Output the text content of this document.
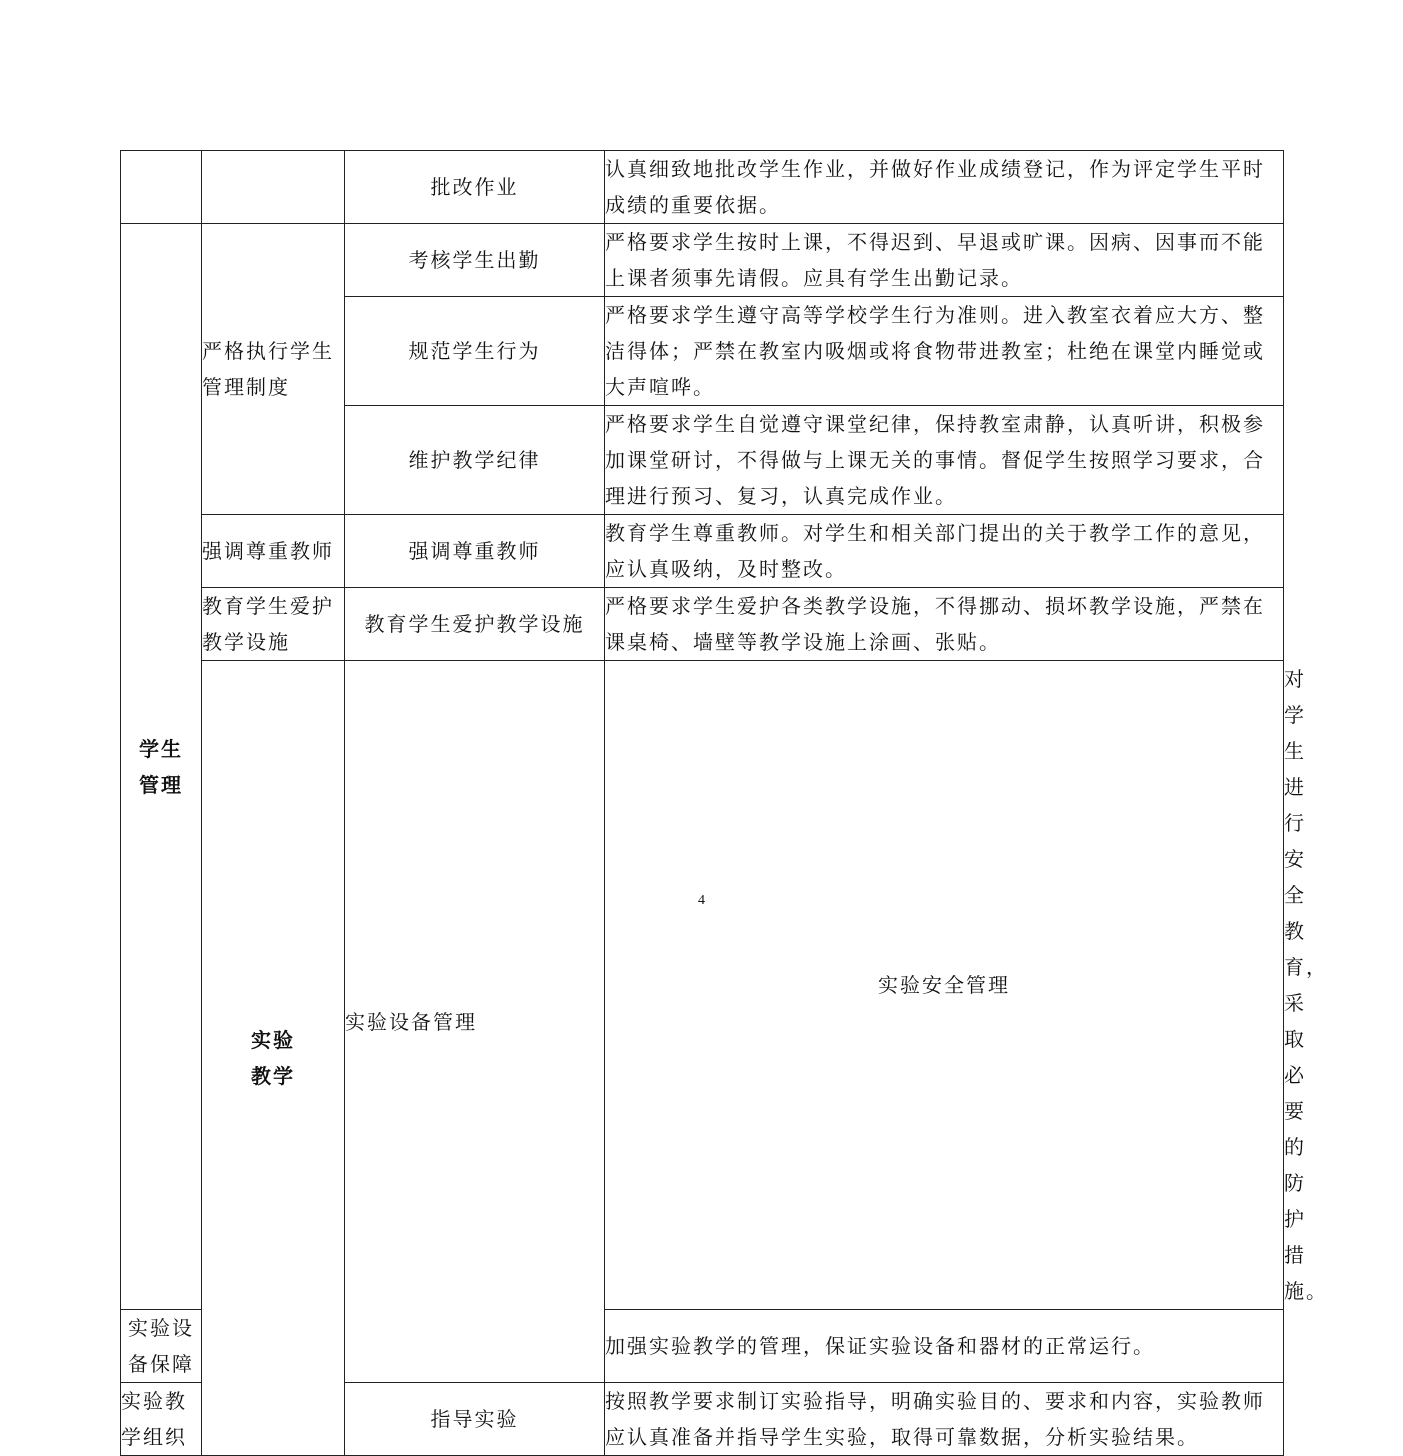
		批改作业	认真细致地批改学生作业，并做好作业成绩登记，作为评定学生平时成绩的重要依据。	

学生管理	严格执行学生管理制度	考核学生出勤	严格要求学生按时上课，不得迟到、早退或旷课。因病、因事而不能上课者须事先请假。应具有学生出勤记录。	
		规范学生行为	严格要求学生遵守高等学校学生行为准则。进入教室衣着应大方、整洁得体；严禁在教室内吸烟或将食物带进教室；杜绝在课堂内睡觉或大声喧哗。	
		维护教学纪律	严格要求学生自觉遵守课堂纪律，保持教室肃静，认真听讲，积极参加课堂研讨，不得做与上课无关的事情。督促学生按照学习要求，合理进行预习、复习，认真完成作业。	
	强调尊重教师	强调尊重教师	教育学生尊重教师。对学生和相关部门提出的关于教学工作的意见，应认真吸纳，及时整改。	
	教育学生爱护教学设施	教育学生爱护教学设施	严格要求学生爱护各类教学设施，不得挪动、损坏教学设施，严禁在课桌椅、墙壁等教学设施上涂画、张贴。	

	实验教学	实验设备管理	实验安全管理	对学生进行安全教育，采取必要的防护措施。
实验设备保障			加强实验教学的管理，保证实验设备和器材的正常运行。	
实验教学组织		指导实验	按照教学要求制订实验指导，明确实验目的、要求和内容，实验教师应认真准备并指导学生实验，取得可靠数据，分析实验结果。	
4
